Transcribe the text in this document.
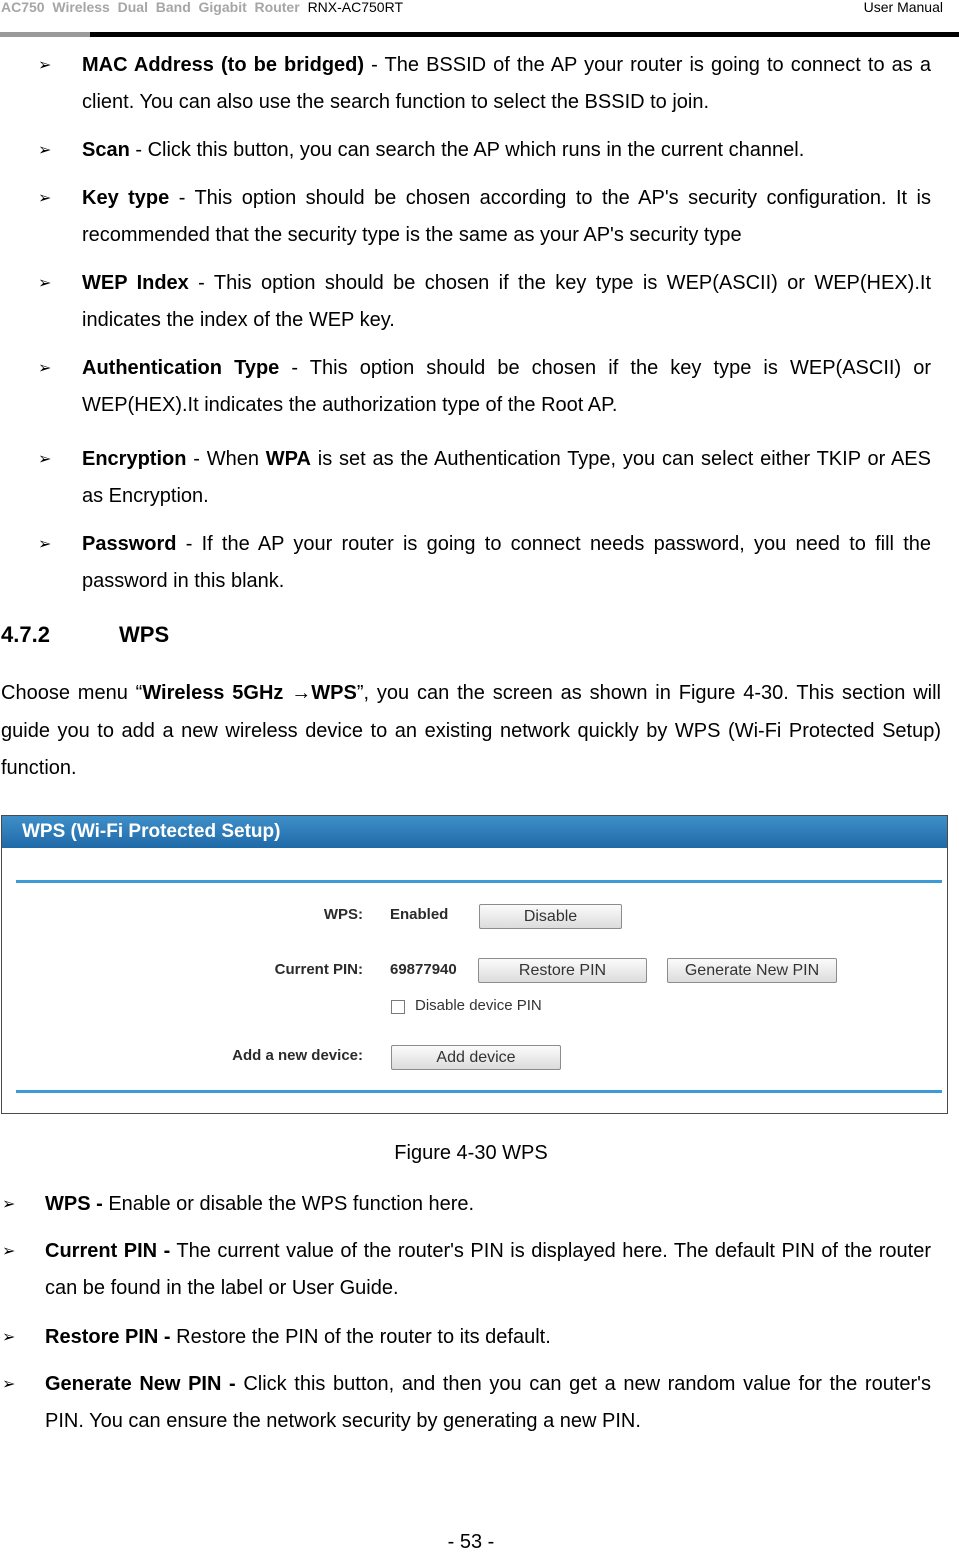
AC750 Wireless Dual Band Gigabit Router RNX-AC750RT	User Manual
➢ MAC Address (to be bridged) - The BSSID of the AP your router is going to connect to as a client. You can also use the search function to select the BSSID to join.
➢ Scan - Click this button, you can search the AP which runs in the current channel.
➢ Key type - This option should be chosen according to the AP's security configuration. It is recommended that the security type is the same as your AP's security type
➢ WEP Index - This option should be chosen if the key type is WEP(ASCII) or WEP(HEX).It indicates the index of the WEP key.
➢ Authentication Type - This option should be chosen if the key type is WEP(ASCII) or WEP(HEX).It indicates the authorization type of the Root AP.
➢ Encryption - When WPA is set as the Authentication Type, you can select either TKIP or AES as Encryption.
➢ Password - If the AP your router is going to connect needs password, you need to fill the password in this blank.
4.7.2	WPS
Choose menu “Wireless 5GHz →WPS”, you can the screen as shown in Figure 4-30. This section will guide you to add a new wireless device to an existing network quickly by WPS (Wi-Fi Protected Setup) function.
WPS (Wi-Fi Protected Setup)
WPS: Enabled	Disable
Current PIN: 69877940	Restore PIN	Generate New PIN
Disable device PIN
Add a new device:	Add device
Figure 4-30 WPS
➢ WPS - Enable or disable the WPS function here.
➢ Current PIN - The current value of the router's PIN is displayed here. The default PIN of the router can be found in the label or User Guide.
➢ Restore PIN - Restore the PIN of the router to its default.
➢ Generate New PIN - Click this button, and then you can get a new random value for the router's PIN. You can ensure the network security by generating a new PIN.
- 53 -
